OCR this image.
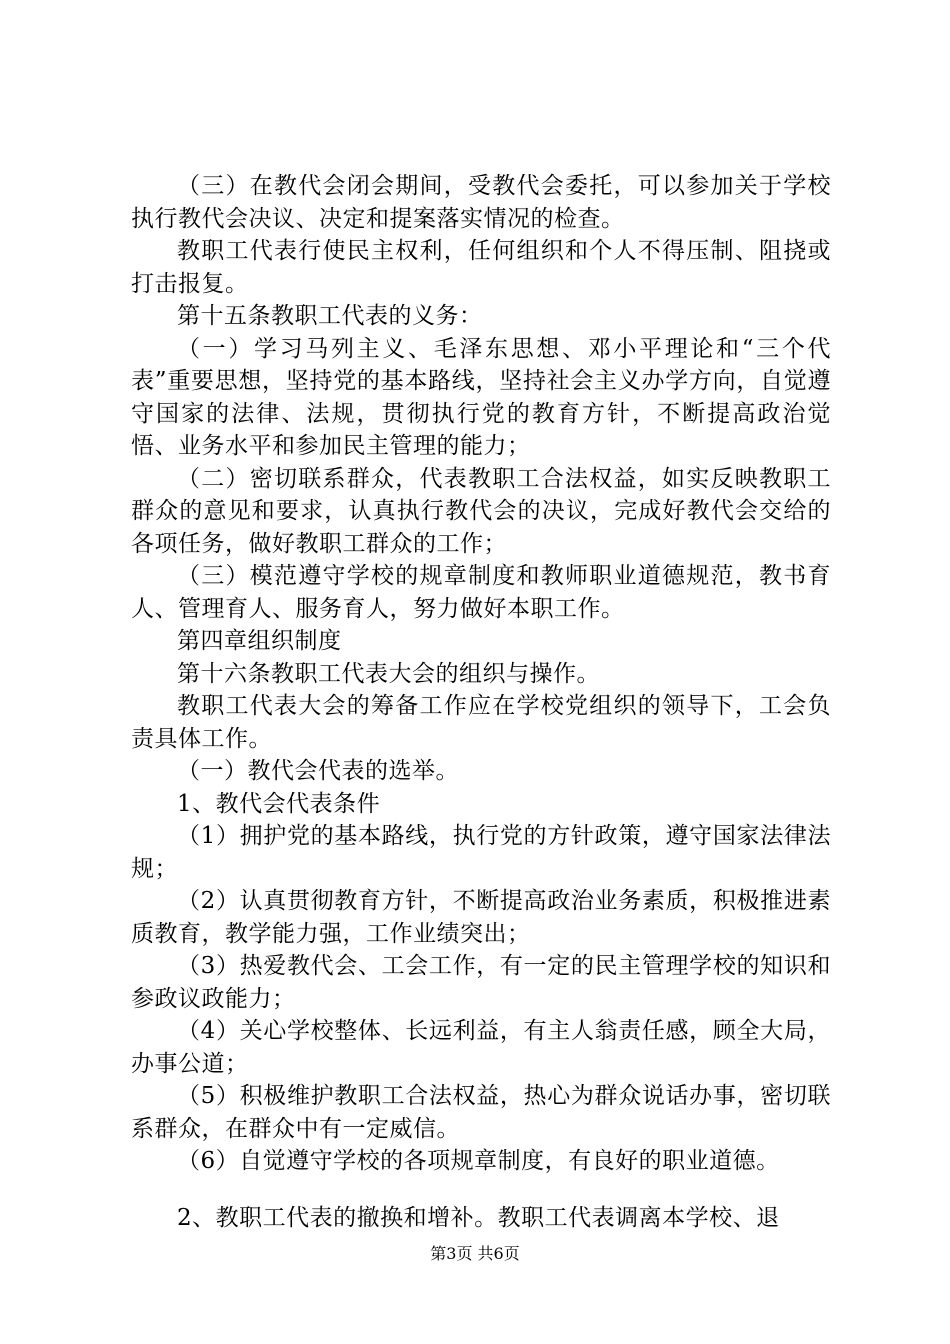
（三）在教代会闭会期间，受教代会委托，可以参加关于学校执行教代会决议、决定和提案落实情况的检查。

教职工代表行使民主权利，任何组织和个人不得压制、阻挠或打击报复。

第十五条教职工代表的义务：

（一）学习马列主义、毛泽东思想、邓小平理论和“三个代表”重要思想，坚持党的基本路线，坚持社会主义办学方向，自觉遵守国家的法律、法规，贯彻执行党的教育方针，不断提高政治觉悟、业务水平和参加民主管理的能力；

（二）密切联系群众，代表教职工合法权益，如实反映教职工群众的意见和要求，认真执行教代会的决议，完成好教代会交给的各项任务，做好教职工群众的工作；

（三）模范遵守学校的规章制度和教师职业道德规范，教书育人、管理育人、服务育人，努力做好本职工作。

第四章组织制度

第十六条教职工代表大会的组织与操作。

教职工代表大会的筹备工作应在学校党组织的领导下，工会负责具体工作。

（一）教代会代表的选举。

1、教代会代表条件

（1）拥护党的基本路线，执行党的方针政策，遵守国家法律法规；

（2）认真贯彻教育方针，不断提高政治业务素质，积极推进素质教育，教学能力强，工作业绩突出；

（3）热爱教代会、工会工作，有一定的民主管理学校的知识和参政议政能力；

（4）关心学校整体、长远利益，有主人翁责任感，顾全大局，办事公道；

（5）积极维护教职工合法权益，热心为群众说话办事，密切联系群众，在群众中有一定威信。

（6）自觉遵守学校的各项规章制度，有良好的职业道德。

2、教职工代表的撤换和增补。教职工代表调离本学校、退

第3页 共6页
